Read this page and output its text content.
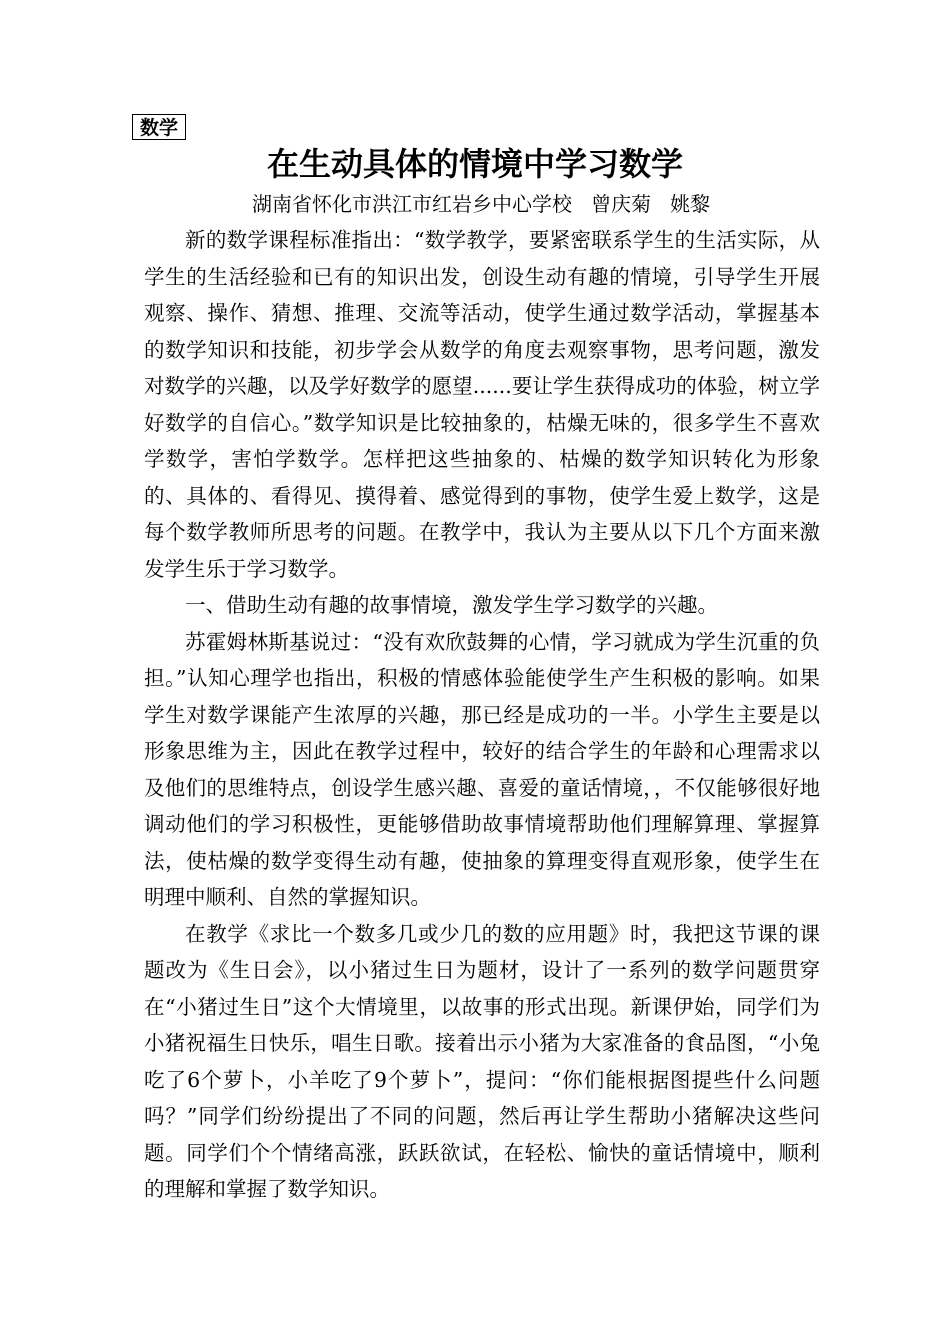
数学
在生动具体的情境中学习数学
湖南省怀化市洪江市红岩乡中心学校 曾庆菊 姚黎

新的数学课程标准指出：“数学教学，要紧密联系学生的生活实际，从学生的生活经验和已有的知识出发，创设生动有趣的情境，引导学生开展观察、操作、猜想、推理、交流等活动，使学生通过数学活动，掌握基本的数学知识和技能，初步学会从数学的角度去观察事物，思考问题，激发对数学的兴趣，以及学好数学的愿望......要让学生获得成功的体验，树立学好数学的自信心。”数学知识是比较抽象的，枯燥无味的，很多学生不喜欢学数学，害怕学数学。怎样把这些抽象的、枯燥的数学知识转化为形象的、具体的、看得见、摸得着、感觉得到的事物，使学生爱上数学，这是每个数学教师所思考的问题。在教学中，我认为主要从以下几个方面来激发学生乐于学习数学。

一、借助生动有趣的故事情境，激发学生学习数学的兴趣。

苏霍姆林斯基说过：“没有欢欣鼓舞的心情，学习就成为学生沉重的负担。”认知心理学也指出，积极的情感体验能使学生产生积极的影响。如果学生对数学课能产生浓厚的兴趣，那已经是成功的一半。小学生主要是以形象思维为主，因此在教学过程中，较好的结合学生的年龄和心理需求以及他们的思维特点，创设学生感兴趣、喜爱的童话情境，，不仅能够很好地调动他们的学习积极性，更能够借助故事情境帮助他们理解算理、掌握算法，使枯燥的数学变得生动有趣，使抽象的算理变得直观形象，使学生在明理中顺利、自然的掌握知识。

在教学《求比一个数多几或少几的数的应用题》时，我把这节课的课题改为《生日会》，以小猪过生日为题材，设计了一系列的数学问题贯穿在“小猪过生日”这个大情境里，以故事的形式出现。新课伊始，同学们为小猪祝福生日快乐，唱生日歌。接着出示小猪为大家准备的食品图，“小兔吃了6个萝卜，小羊吃了9个萝卜”，提问：“你们能根据图提些什么问题吗？”同学们纷纷提出了不同的问题，然后再让学生帮助小猪解决这些问题。同学们个个情绪高涨，跃跃欲试，在轻松、愉快的童话情境中，顺利的理解和掌握了数学知识。
